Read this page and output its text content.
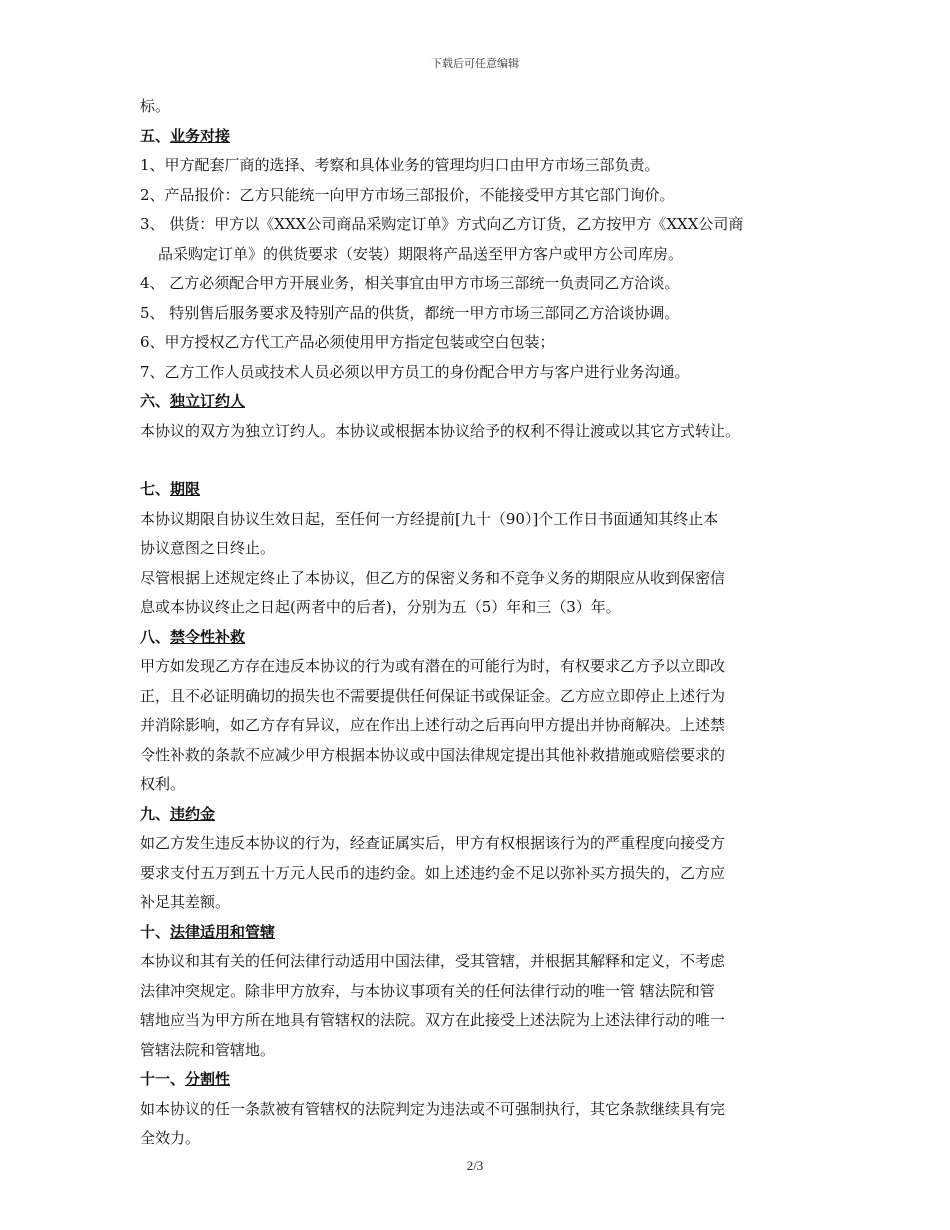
下载后可任意编辑

标。

五、业务对接

1、甲方配套厂商的选择、考察和具体业务的管理均归口由甲方市场三部负责。

2、产品报价：乙方只能统一向甲方市场三部报价，不能接受甲方其它部门询价。

3、 供货：甲方以《XXX公司商品采购定订单》方式向乙方订货，乙方按甲方《XXX公司商

品采购定订单》的供货要求（安装）期限将产品送至甲方客户或甲方公司库房。

4、 乙方必须配合甲方开展业务，相关事宜由甲方市场三部统一负责同乙方洽谈。

5、 特别售后服务要求及特别产品的供货，都统一甲方市场三部同乙方洽谈协调。

6、甲方授权乙方代工产品必须使用甲方指定包装或空白包装；

7、乙方工作人员或技术人员必须以甲方员工的身份配合甲方与客户进行业务沟通。

六、独立订约人

本协议的双方为独立订约人。本协议或根据本协议给予的权利不得让渡或以其它方式转让。

七、期限

本协议期限自协议生效日起，至任何一方经提前[九十（90）]个工作日书面通知其终止本

协议意图之日终止。

尽管根据上述规定终止了本协议，但乙方的保密义务和不竞争义务的期限应从收到保密信

息或本协议终止之日起(两者中的后者)，分别为五（5）年和三（3）年。

八、禁令性补救

甲方如发现乙方存在违反本协议的行为或有潜在的可能行为时，有权要求乙方予以立即改

正，且不必证明确切的损失也不需要提供任何保证书或保证金。乙方应立即停止上述行为

并消除影响，如乙方存有异议，应在作出上述行动之后再向甲方提出并协商解决。上述禁

令性补救的条款不应减少甲方根据本协议或中国法律规定提出其他补救措施或赔偿要求的

权利。

九、违约金

如乙方发生违反本协议的行为，经查证属实后，甲方有权根据该行为的严重程度向接受方

要求支付五万到五十万元人民币的违约金。如上述违约金不足以弥补买方损失的，乙方应

补足其差额。

十、法律适用和管辖

本协议和其有关的任何法律行动适用中国法律，受其管辖，并根据其解释和定义，不考虑

法律冲突规定。除非甲方放弃，与本协议事项有关的任何法律行动的唯一管 辖法院和管

辖地应当为甲方所在地具有管辖权的法院。双方在此接受上述法院为上述法律行动的唯一

管辖法院和管辖地。

十一、分割性

如本协议的任一条款被有管辖权的法院判定为违法或不可强制执行，其它条款继续具有完

全效力。

2/3
